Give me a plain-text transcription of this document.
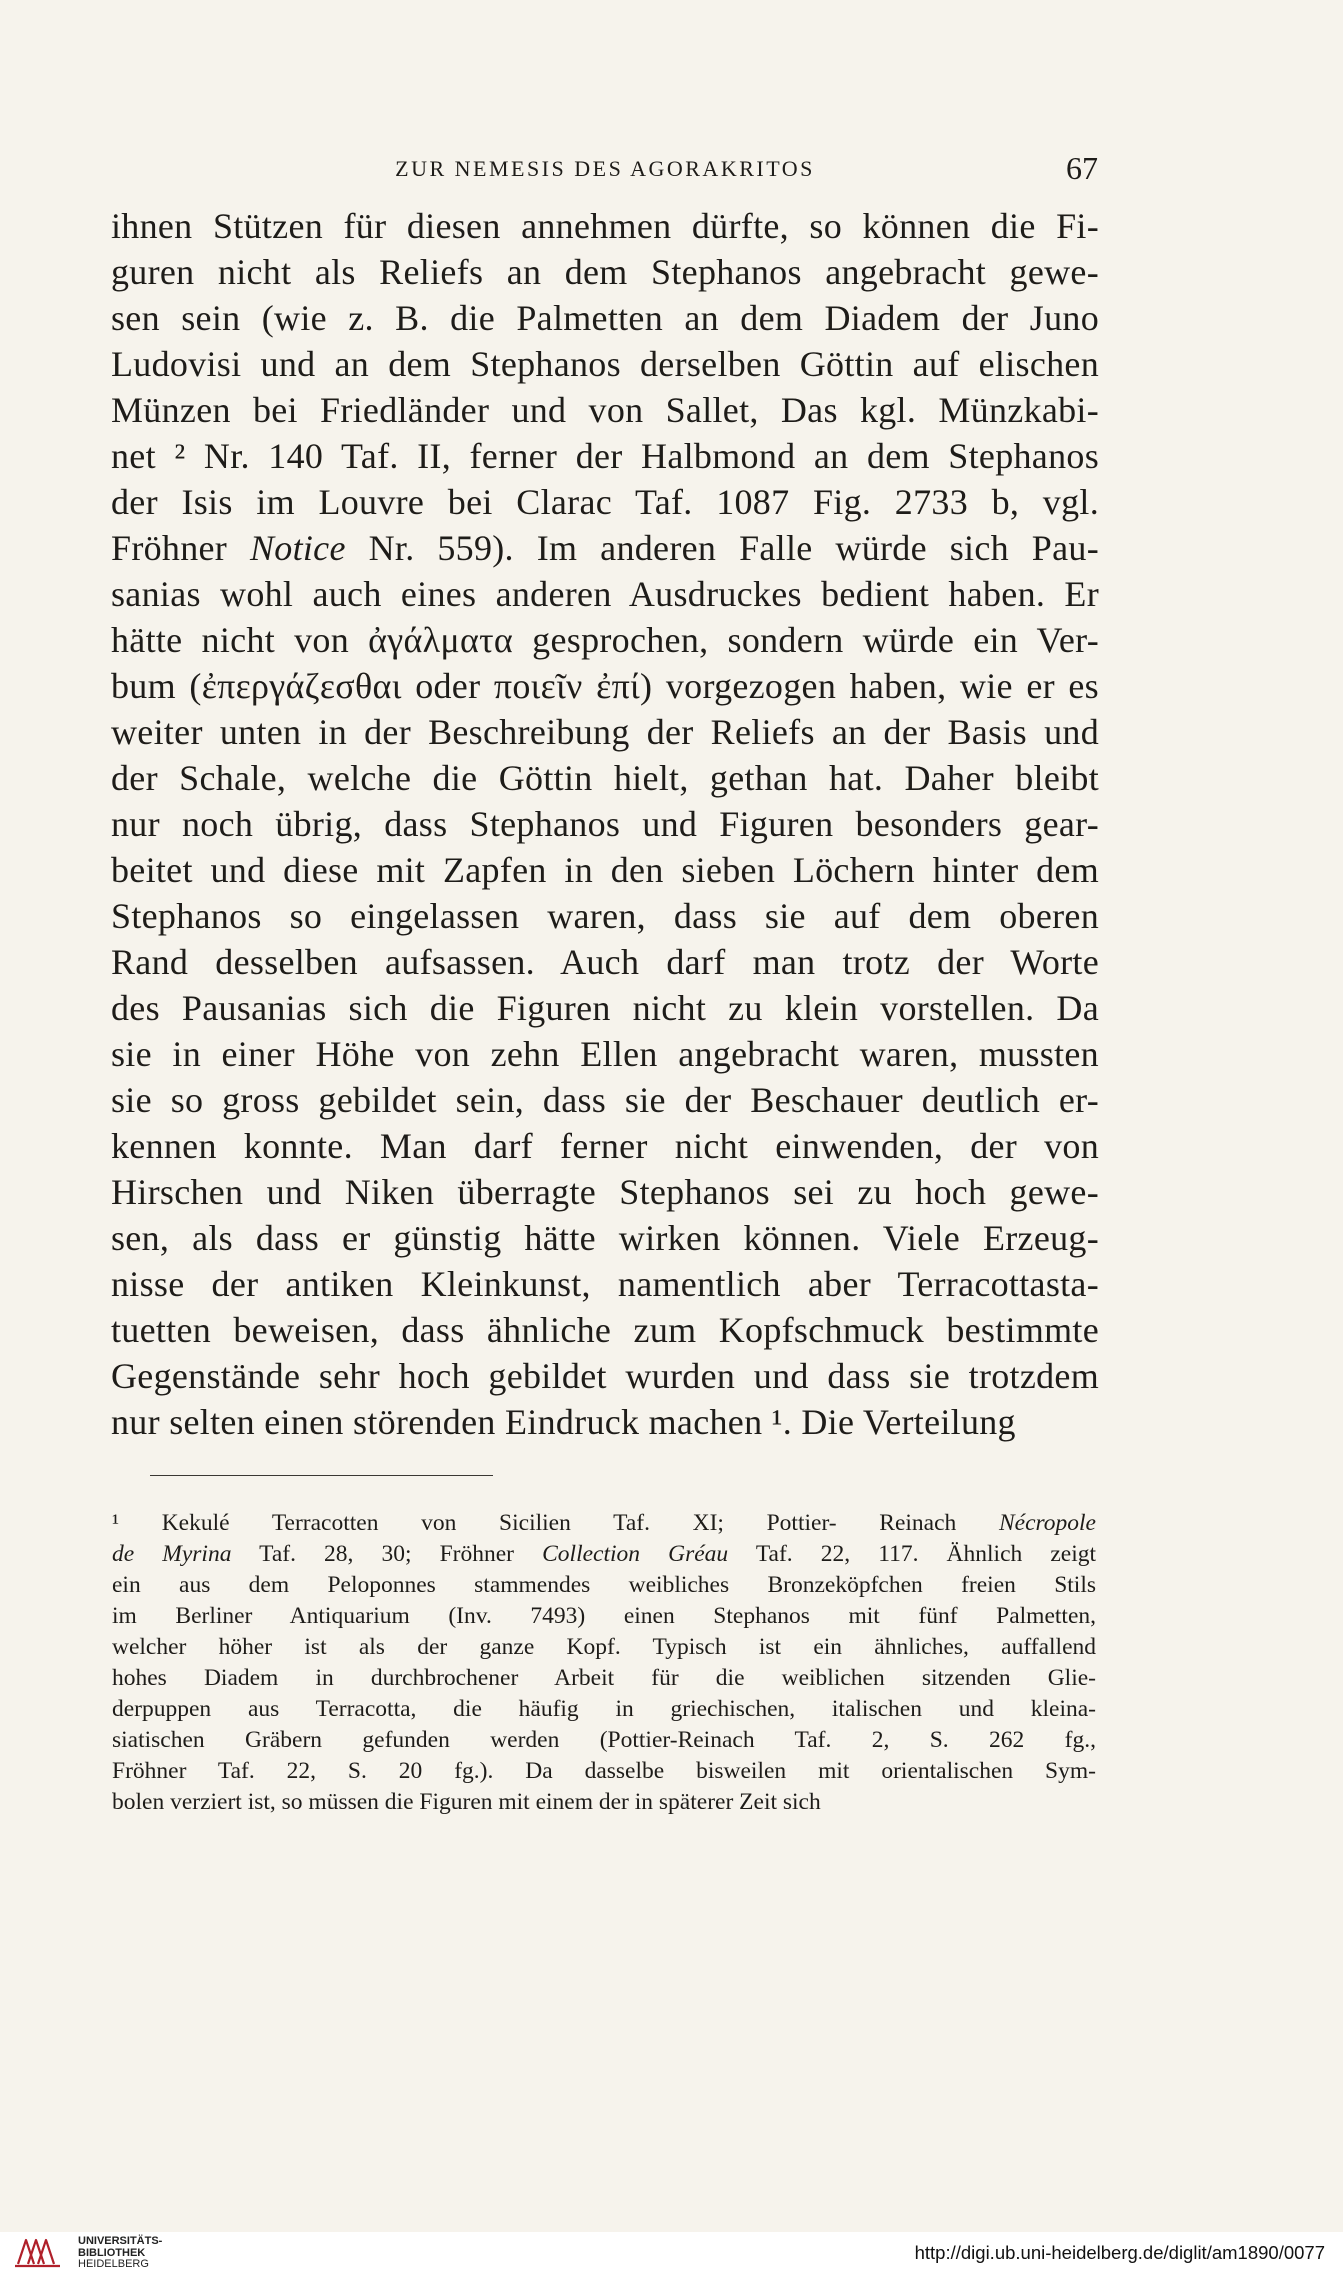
ZUR NEMESIS DES AGORAKRITOS	67
ihnen Stützen für diesen annehmen dürfte, so können die Fi-
guren nicht als Reliefs an dem Stephanos angebracht gewe-
sen sein (wie z. B. die Palmetten an dem Diadem der Juno
Ludovisi und an dem Stephanos derselben Göttin auf elischen
Münzen bei Friedländer und von Sallet, Das kgl. Münzkabi-
net ² Nr. 140 Taf. II, ferner der Halbmond an dem Stephanos
der Isis im Louvre bei Clarac Taf. 1087 Fig. 2733 b, vgl.
Fröhner Notice Nr. 559). Im anderen Falle würde sich Pau-
sanias wohl auch eines anderen Ausdruckes bedient haben. Er
hätte nicht von ἀγάλματα gesprochen, sondern würde ein Ver-
bum (ἐπεργάζεσθαι oder ποιεῖν ἐπί) vorgezogen haben, wie er es
weiter unten in der Beschreibung der Reliefs an der Basis und
der Schale, welche die Göttin hielt, gethan hat. Daher bleibt
nur noch übrig, dass Stephanos und Figuren besonders gear-
beitet und diese mit Zapfen in den sieben Löchern hinter dem
Stephanos so eingelassen waren, dass sie auf dem oberen
Rand desselben aufsassen. Auch darf man trotz der Worte
des Pausanias sich die Figuren nicht zu klein vorstellen. Da
sie in einer Höhe von zehn Ellen angebracht waren, mussten
sie so gross gebildet sein, dass sie der Beschauer deutlich er-
kennen konnte. Man darf ferner nicht einwenden, der von
Hirschen und Niken überragte Stephanos sei zu hoch gewe-
sen, als dass er günstig hätte wirken können. Viele Erzeug-
nisse der antiken Kleinkunst, namentlich aber Terracottasta-
tuetten beweisen, dass ähnliche zum Kopfschmuck bestimmte
Gegenstände sehr hoch gebildet wurden und dass sie trotzdem
nur selten einen störenden Eindruck machen ¹. Die Verteilung
¹ Kekulé Terracotten von Sicilien Taf. XI; Pottier- Reinach Nécropole
de Myrina Taf. 28, 30; Fröhner Collection Gréau Taf. 22, 117. Ähnlich zeigt
ein aus dem Peloponnes stammendes weibliches Bronzeköpfchen freien Stils
im Berliner Antiquarium (Inv. 7493) einen Stephanos mit fünf Palmetten,
welcher höher ist als der ganze Kopf. Typisch ist ein ähnliches, auffallend
hohes Diadem in durchbrochener Arbeit für die weiblichen sitzenden Glie-
derpuppen aus Terracotta, die häufig in griechischen, italischen und kleina-
siatischen Gräbern gefunden werden (Pottier-Reinach Taf. 2, S. 262 fg.,
Fröhner Taf. 22, S. 20 fg.). Da dasselbe bisweilen mit orientalischen Sym-
bolen verziert ist, so müssen die Figuren mit einem der in späterer Zeit sich
UNIVERSITÄTS-
BIBLIOTHEK
HEIDELBERG
http://digi.ub.uni-heidelberg.de/diglit/am1890/0077
